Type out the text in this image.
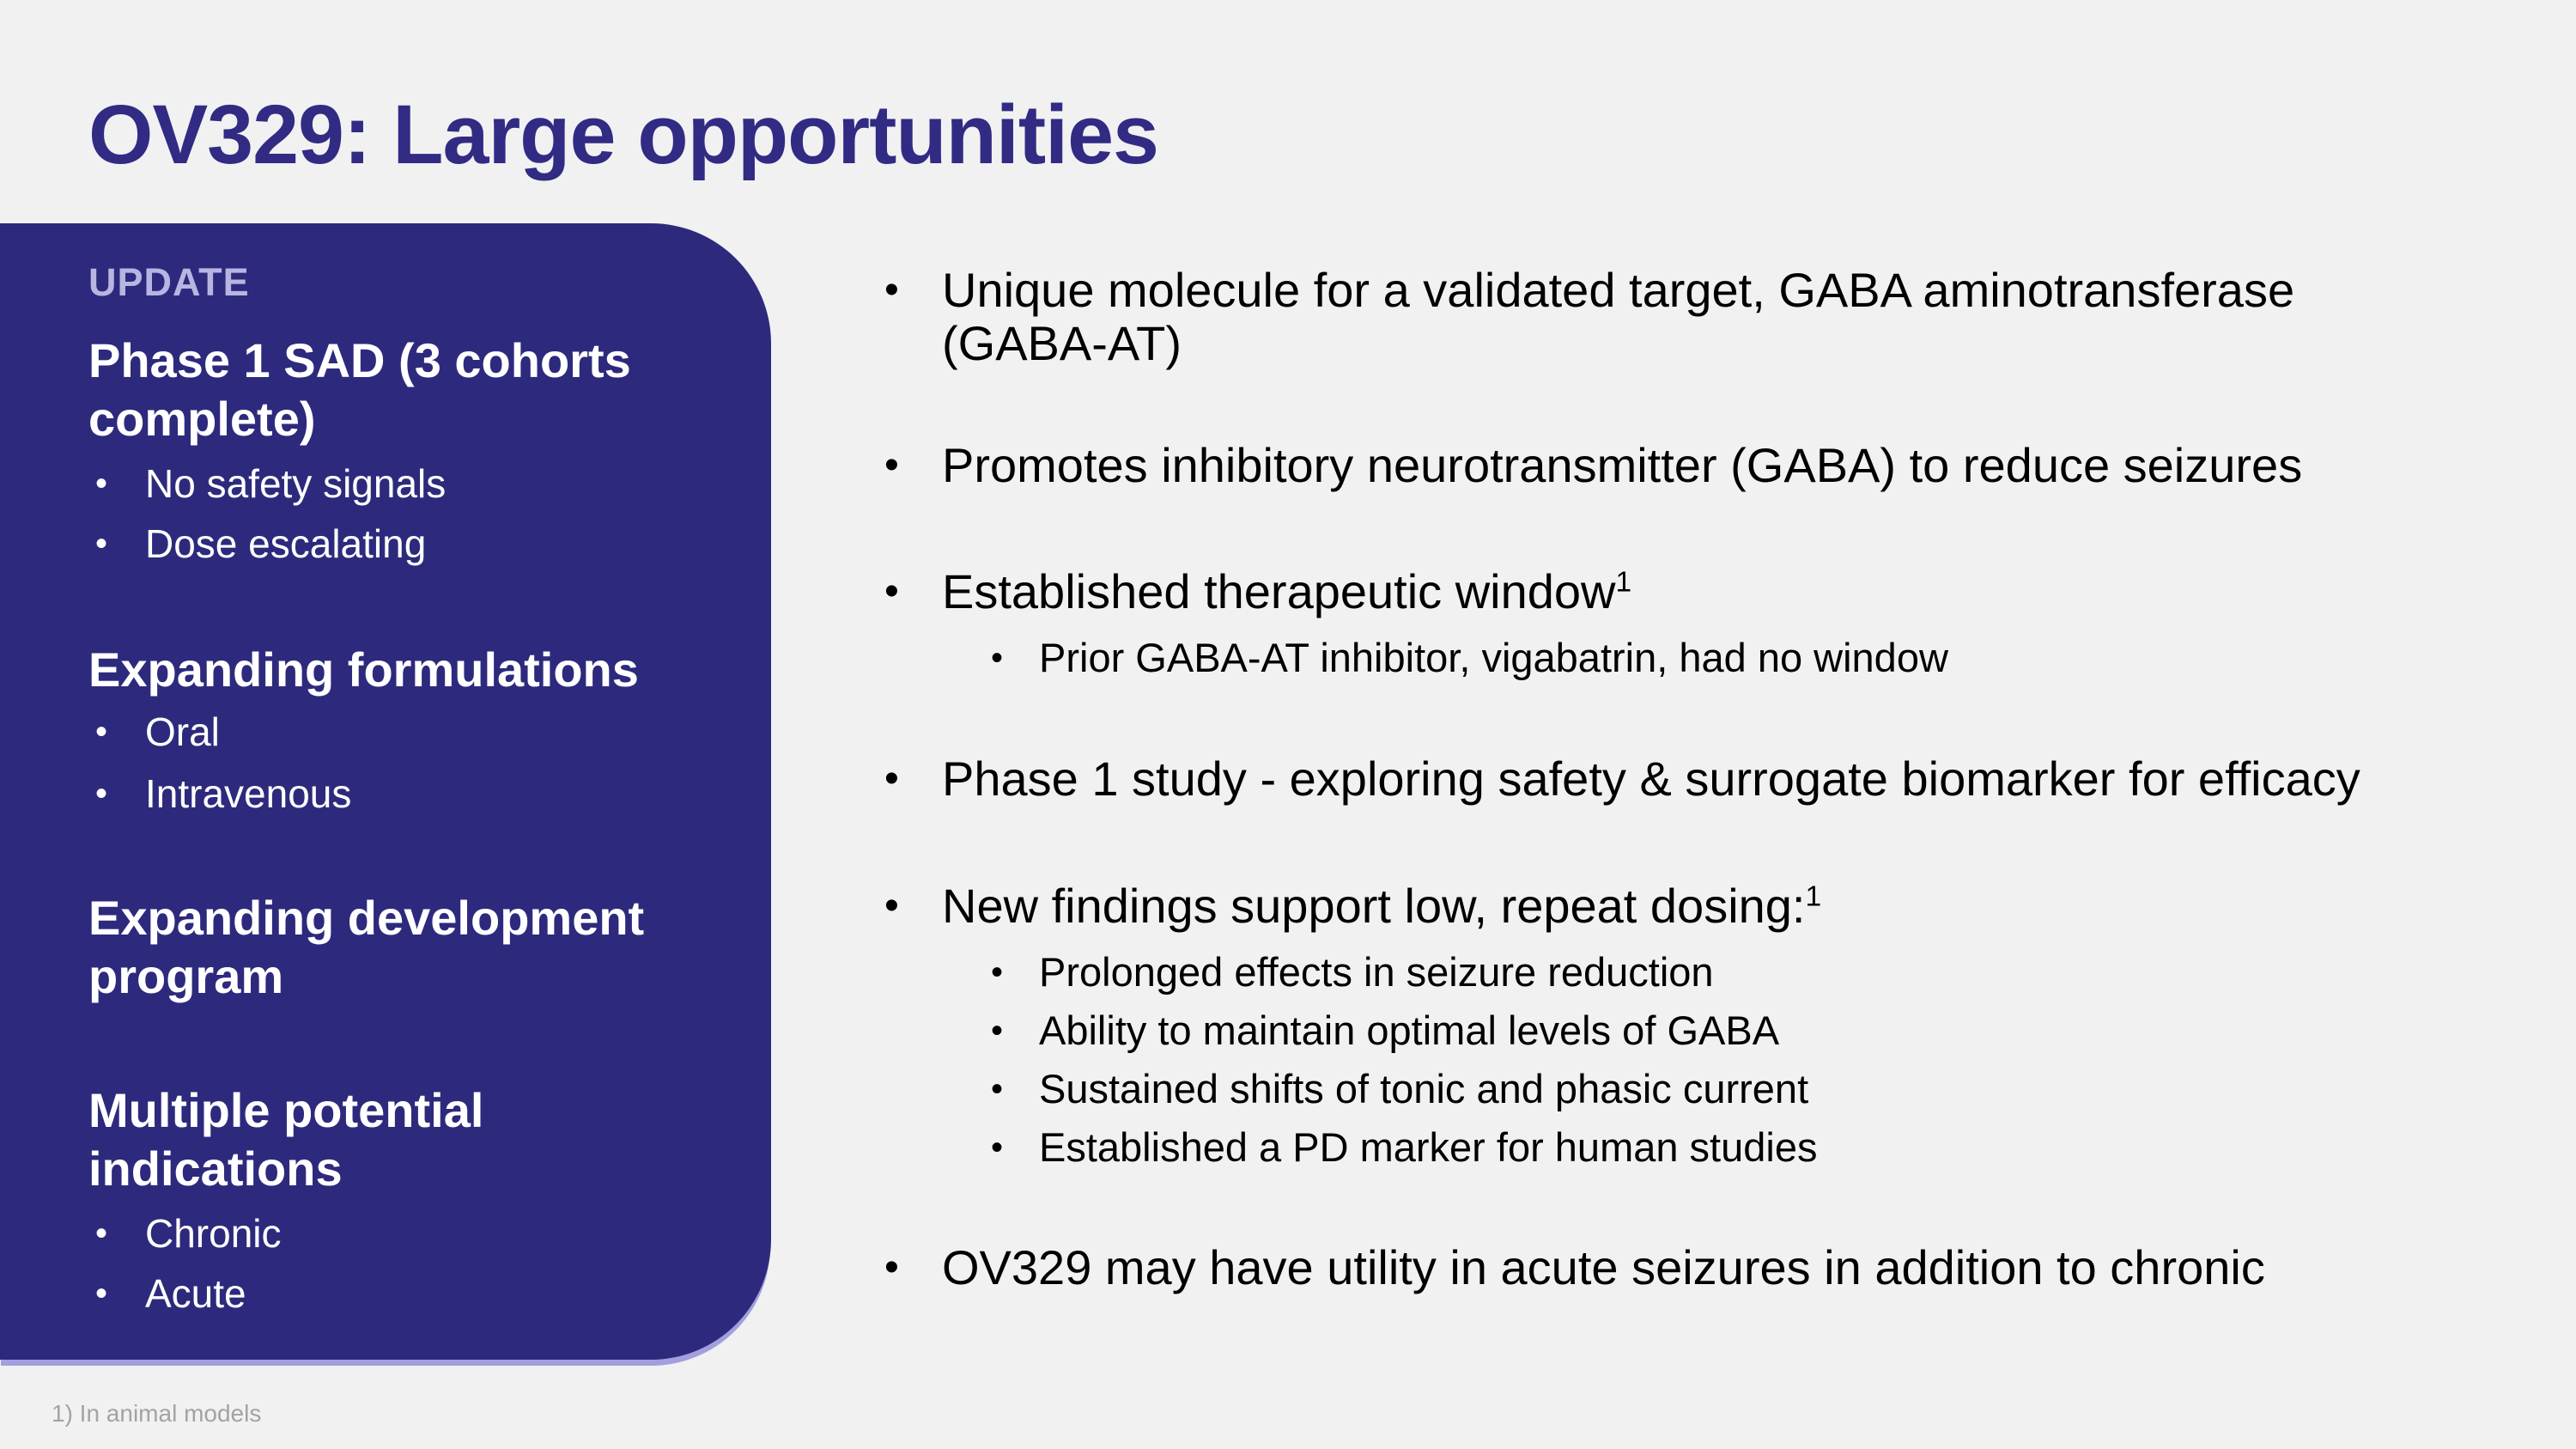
OV329: Large opportunities
UPDATE
Phase 1 SAD (3 cohorts complete)
• No safety signals
• Dose escalating
Expanding formulations
• Oral
• Intravenous
Expanding development program
Multiple potential indications
• Chronic
• Acute
• Unique molecule for a validated target, GABA aminotransferase (GABA-AT)

• Promotes inhibitory neurotransmitter (GABA) to reduce seizures

• Established therapeutic window$^1$

• Prior GABA-AT inhibitor, vigabatrin, had no window
• Phase 1 study - exploring safety & surrogate biomarker for efficacy

• New findings support low, repeat dosing:$^1$

• Prolonged effects in seizure reduction
• Ability to maintain optimal levels of GABA
• Sustained shifts of tonic and phasic current
• Established a PD marker for human studies
• OV329 may have utility in acute seizures in addition to chronic

1) In animal models
